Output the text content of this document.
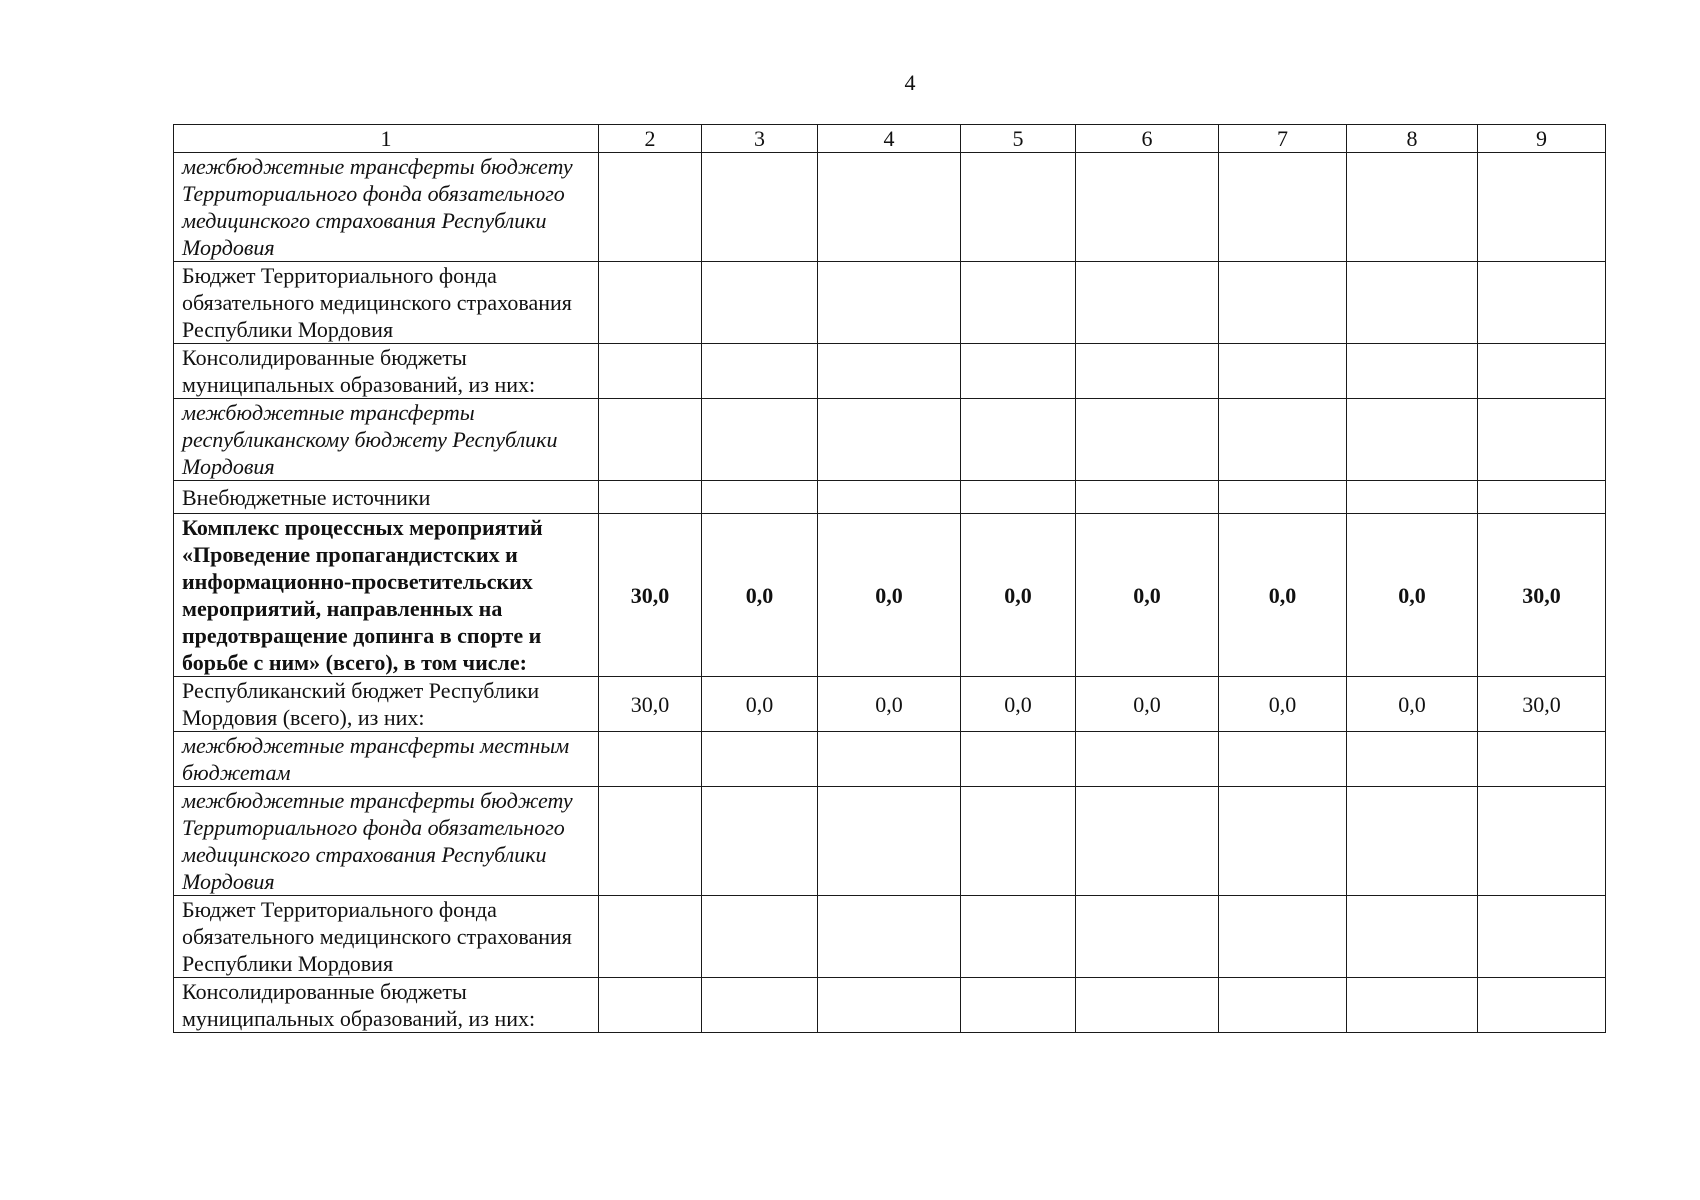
4
1	2	3	4	5	6	7	8	9
межбюджетные трансферты бюджету Территориального фонда обязательного медицинского страхования Республики Мордовия								
Бюджет Территориального фонда обязательного медицинского страхования Республики Мордовия								
Консолидированные бюджеты муниципальных образований, из них:								
межбюджетные трансферты республиканскому бюджету Республики Мордовия								
Внебюджетные источники								
Комплекс процессных мероприятий «Проведение пропагандистских и информационно-просветительских мероприятий, направленных на предотвращение допинга в спорте и борьбе с ним» (всего), в том числе:	30,0	0,0	0,0	0,0	0,0	0,0	0,0	30,0
Республиканский бюджет Республики Мордовия (всего), из них:	30,0	0,0	0,0	0,0	0,0	0,0	0,0	30,0
межбюджетные трансферты местным бюджетам								
межбюджетные трансферты бюджету Территориального фонда обязательного медицинского страхования Республики Мордовия								
Бюджет Территориального фонда обязательного медицинского страхования Республики Мордовия								
Консолидированные бюджеты муниципальных образований, из них:								
